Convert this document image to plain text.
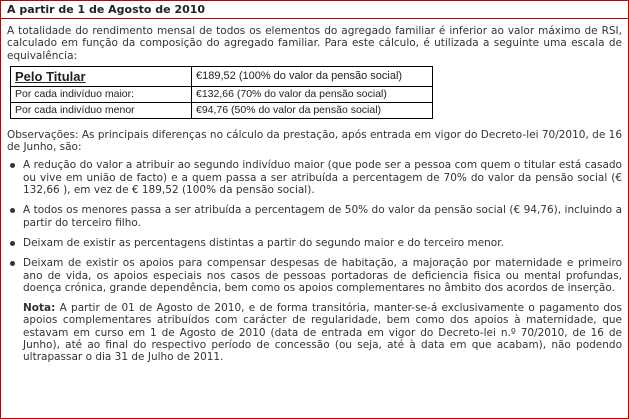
A partir de 1 de Agosto de 2010

A totalidade do rendimento mensal de todos os elementos do agregado familiar é inferior ao valor máximo de RSI, calculado em função da composição do agregado familiar. Para este cálculo, é utilizada a seguinte uma escala de equivalência:

Pelo Titular	€189,52 (100% do valor da pensão social)
Por cada indivíduo maior:	€132,66 (70% do valor da pensão social)
Por cada indivíduo menor	€94,76 (50% do valor da pensão social)

Observações: As principais diferenças no cálculo da prestação, após entrada em vigor do Decreto-lei 70/2010, de 16 de Junho, são:

A redução do valor a atribuir ao segundo indivíduo maior (que pode ser a pessoa com quem o titular está casado ou vive em união de facto) e a quem passa a ser atribuída a percentagem de 70% do valor da pensão social (€ 132,66 ), em vez de € 189,52 (100% da pensão social).
A todos os menores passa a ser atribuída a percentagem de 50% do valor da pensão social (€ 94,76), incluindo a partir do terceiro filho.
Deixam de existir as percentagens distintas a partir do segundo maior e do terceiro menor.
Deixam de existir os apoios para compensar despesas de habitação, a majoração por maternidade e primeiro ano de vida, os apoios especiais nos casos de pessoas portadoras de deficiencia fisica ou mental profundas, doença crónica, grande dependência, bem como os apoios complementares no âmbito dos acordos de inserção.

Nota: A partir de 01 de Agosto de 2010, e de forma transitória, manter-se-á exclusivamente o pagamento dos apoios complementares atribuídos com carácter de regularidade, bem como dos apoios à maternidade, que estavam em curso em 1 de Agosto de 2010 (data de entrada em vigor do Decreto-lei n.º 70/2010, de 16 de Junho), até ao final do respectivo período de concessão (ou seja, até à data em que acabam), não podendo ultrapassar o dia 31 de Julho de 2011.
